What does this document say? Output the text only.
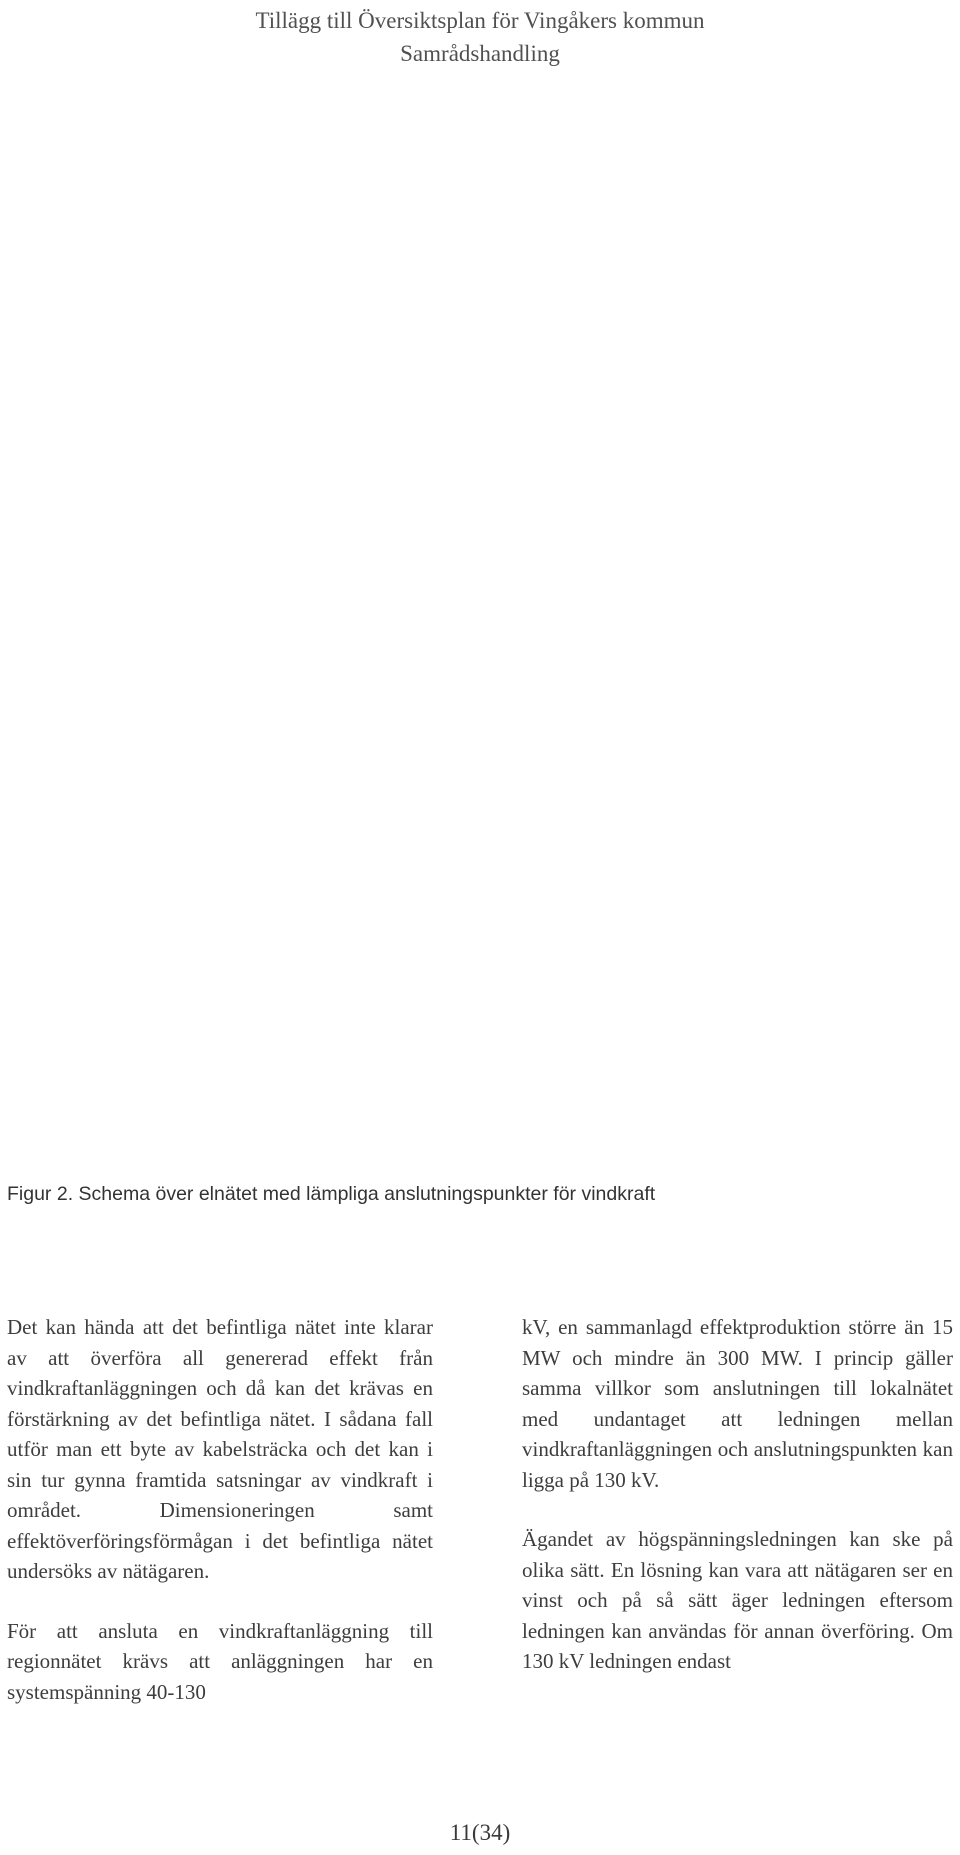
Tillägg till Översiktsplan för Vingåkers kommun
Samrådshandling
Figur 2. Schema över elnätet med lämpliga anslutningspunkter för vindkraft

Det kan hända att det befintliga nätet inte klarar av att överföra all genererad effekt från vindkraftanläggningen och då kan det krävas en förstärkning av det befintliga nätet. I sådana fall utför man ett byte av kabelsträcka och det kan i sin tur gynna framtida satsningar av vindkraft i området. Dimensioneringen samt effektöverföringsförmågan i det befintliga nätet undersöks av nätägaren.

För att ansluta en vindkraftanläggning till regionnätet krävs att anläggningen har en systemspänning 40-130

kV, en sammanlagd effektproduktion större än 15 MW och mindre än 300 MW. I princip gäller samma villkor som anslutningen till lokalnätet med undantaget att ledningen mellan vindkraftanläggningen och anslutningspunkten kan ligga på 130 kV.

Ägandet av högspänningsledningen kan ske på olika sätt. En lösning kan vara att nätägaren ser en vinst och på så sätt äger ledningen eftersom ledningen kan användas för annan överföring. Om 130 kV ledningen endast

11(34)
